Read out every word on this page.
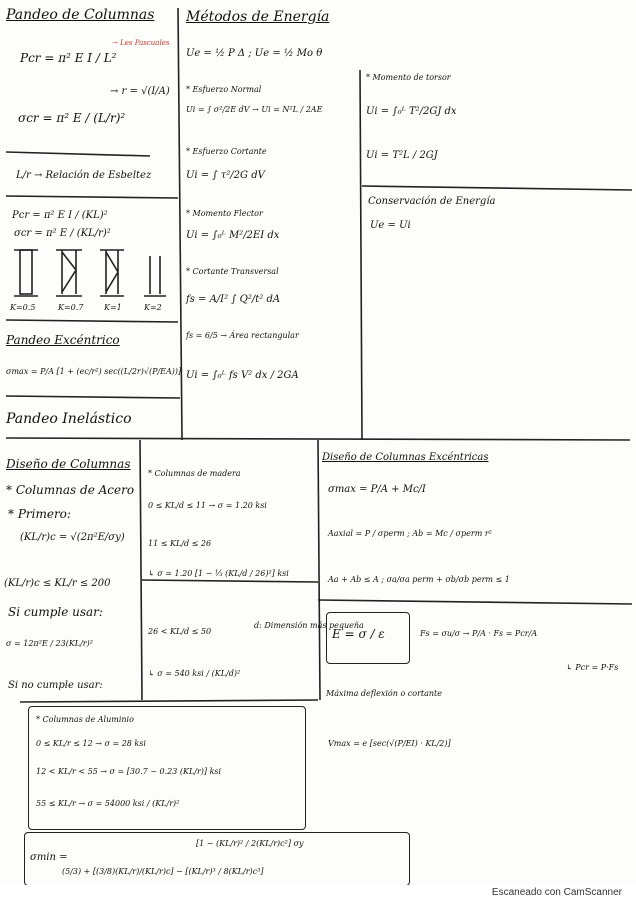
Pandeo de Columnas
Pcr = π² E I / L²
→ Les Pascuales
→ r = √(I/A)
σcr = π² E / (L/r)²
L/r → Relación de Esbeltez
Pcr = π² E I / (KL)²
σcr = π² E / (KL/r)²
K=0.5	K=0.7	K=1	K=2
Pandeo Excéntrico
σmax = P/A [1 + (ec/r²) sec((L/2r)√(P/EA))]
Pandeo Inelástico
Métodos de Energía
Ue = ½ P Δ ; Ue = ½ Mo θ
* Esfuerzo Normal
Ui = ∫ σ²/2E dV → Ui = N²L / 2AE
* Esfuerzo Cortante
Ui = ∫ τ²/2G dV
* Momento Flector
Ui = ∫₀ᴸ M²/2EI dx
* Cortante Transversal
fs = A/I² ∫ Q²/t² dA
fs = 6/5 → Área rectangular
Ui = ∫₀ᴸ fs V² dx / 2GA
* Momento de torsor
Ui = ∫₀ᴸ T²/2GJ dx
Ui = T²L / 2GJ
Conservación de Energía
Ue = Ui
Diseño de Columnas
* Columnas de Acero
* Primero:
(KL/r)c = √(2π²E/σy)
(KL/r)c ≤ KL/r ≤ 200
Si cumple usar:
σ = 12π²E / 23(KL/r)²
Si no cumple usar:
* Columnas de madera
0 ≤ KL/d ≤ 11 → σ = 1.20 ksi
11 ≤ KL/d ≤ 26
↳ σ = 1.20 [1 − ⅓ (KL/d / 26)²] ksi
26 < KL/d ≤ 50
d: Dimensión más pequeña
↳ σ = 540 ksi / (KL/d)²
Diseño de Columnas Excéntricas
σmax = P/A + Mc/I
Aaxial = P / σperm ; Ab = Mc / σperm r²
Aa + Ab ≤ A ; σa/σa perm + σb/σb perm ≤ 1
E = σ / ε	Fs = σu/σ → P/A · Fs = Pcr/A
↳ Pcr = P·Fs
Máxima deflexión o cortante
Vmax = e [sec(√(P/EI) · KL/2)]
* Columnas de Aluminio
0 ≤ KL/r ≤ 12 → σ = 28 ksi
12 < KL/r < 55 → σ = [30.7 − 0.23 (KL/r)] ksi
55 ≤ KL/r → σ = 54000 ksi / (KL/r)²
[1 − (KL/r)² / 2(KL/r)c²] σy
σmin =
(5/3) + [(3/8)(KL/r)/(KL/r)c] − [(KL/r)³ / 8(KL/r)c³]
Escaneado con CamScanner
